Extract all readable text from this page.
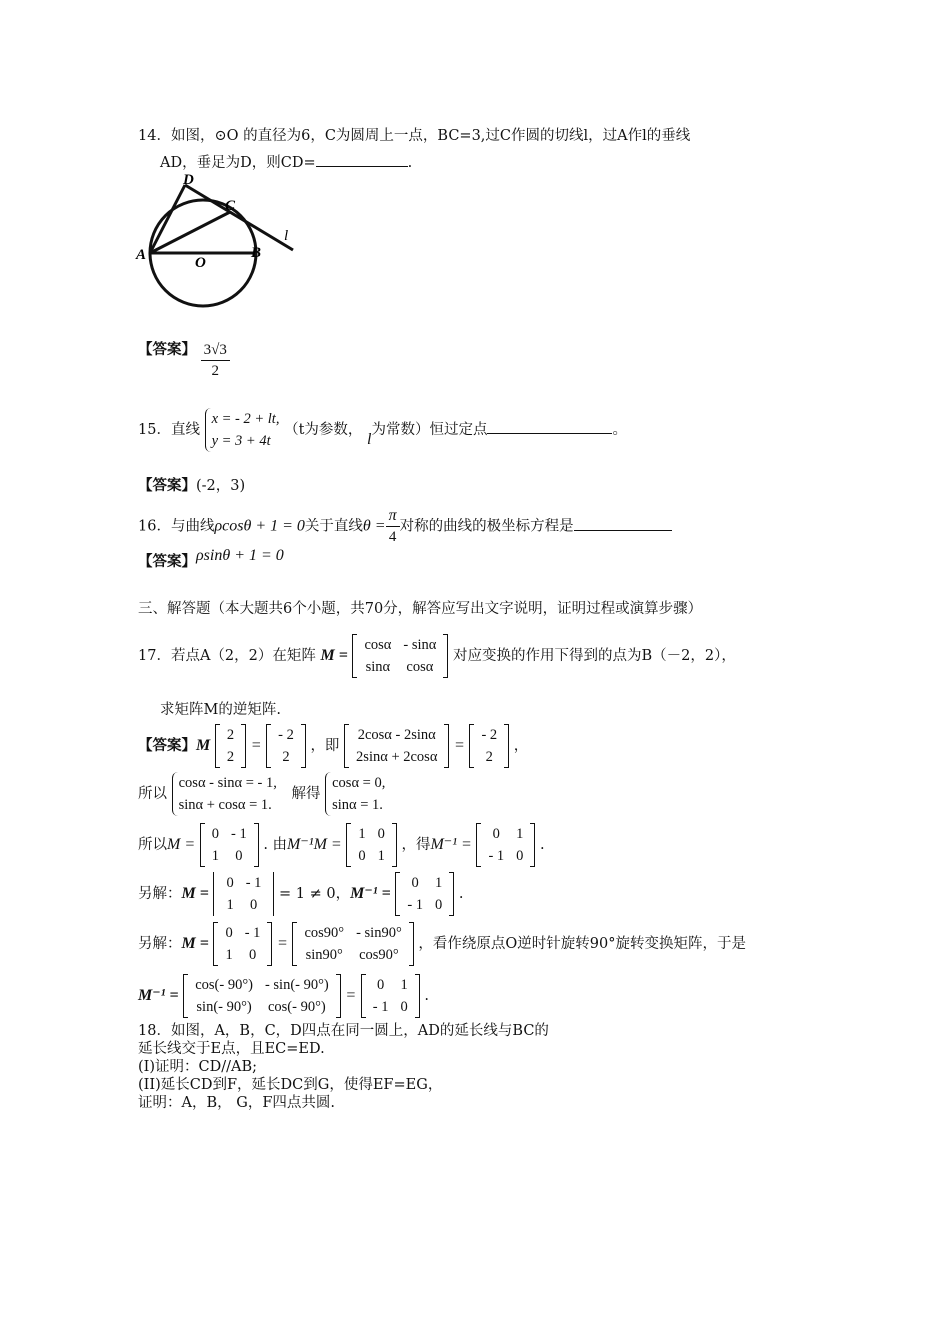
14．如图，⊙O 的直径为6，C为圆周上一点，BC=3,过C作圆的切线l，过A作l的垂线
AD，垂足为D，则CD=	.
A	B
C
D
O
l
【答案】 $\frac{3√3}{2}$
15．直线
x = - 2 + lt,
y = 3 + 4t
（t为参数， l为常数）恒过定点	。
【答案】(-2，3)
16．与曲线ρcosθ + 1 = 0关于直线$\theta = \frac{\pi}{4}$ 对称的曲线的极坐标方程是
【答案】ρsinθ + 1 = 0
三、解答题（本大题共6个小题，共70分，解答应写出文字说明，证明过程或演算步骤）
17．若点A（2，2）在矩阵 M =
cosα	- sinα
sinα	cosα
对应变换的作用下得到的点为B（－2，2），
求矩阵M的逆矩阵.
【答案】M
2
2
=
- 2
2
，即
2cosα - 2sinα
2sinα + 2cosα
=
- 2
2
，
所以
cosα - sinα = - 1,
sinα + cosα = 1.
解得
cosα = 0,
sinα = 1.
所以M =
0	- 1
1	0
. 由M⁻¹M =
1	0
0	1
，得M⁻¹ =
0	1
- 1	0
.
另解：M =
0	- 1
1	0
= 1 ≠ 0，M⁻¹ =
0	1
- 1	0
.
另解：M =
0	- 1
1	0
=
cos90°	- sin90°
sin90°	cos90°
，看作绕原点O逆时针旋转90°旋转变换矩阵，于是
M⁻¹ =
cos(- 90°)	- sin(- 90°)
sin(- 90°)	cos(- 90°)
=
0	1
- 1	0
.
18．如图，A，B，C，D四点在同一圆上，AD的延长线与BC的
延长线交于E点，且EC=ED.
(I)证明：CD//AB;
(II)延长CD到F，延长DC到G，使得EF=EG，
证明：A，B， G，F四点共圆.
